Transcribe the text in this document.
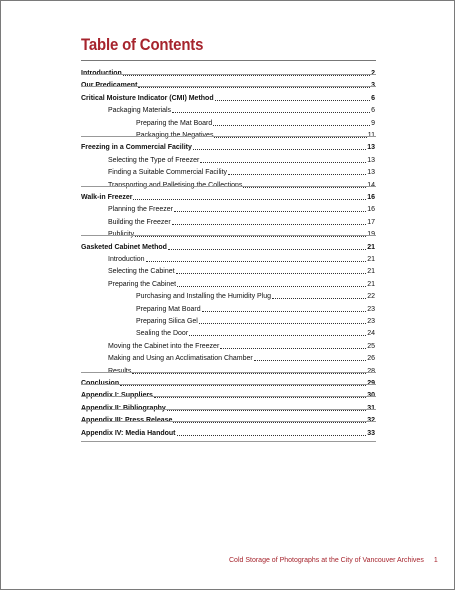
Table of Contents
Introduction	2
Our Predicament	3
Critical Moisture Indicator (CMI) Method	6
Packaging Materials	6
Preparing the Mat Board	9
Packaging the Negatives	11
Freezing in a Commercial Facility	13
Selecting the Type of Freezer	13
Finding a Suitable Commercial Facility	13
Transporting and Palletising the Collections	14
Walk-in Freezer	16
Planning the Freezer	16
Building the Freezer	17
Publicity	19
Gasketed Cabinet Method	21
Introduction	21
Selecting the Cabinet	21
Preparing the Cabinet	21
Purchasing and Installing the Humidity Plug	22
Preparing Mat Board	23
Preparing Silica Gel	23
Sealing the Door	24
Moving the Cabinet into the Freezer	25
Making and Using an Acclimatisation Chamber	26
Results	28
Conclusion	29
Appendix I: Suppliers	30
Appendix II: Bibliography	31
Appendix III: Press Release	32
Appendix IV: Media Handout	33
Cold Storage of Photographs at the City of Vancouver Archives 1
